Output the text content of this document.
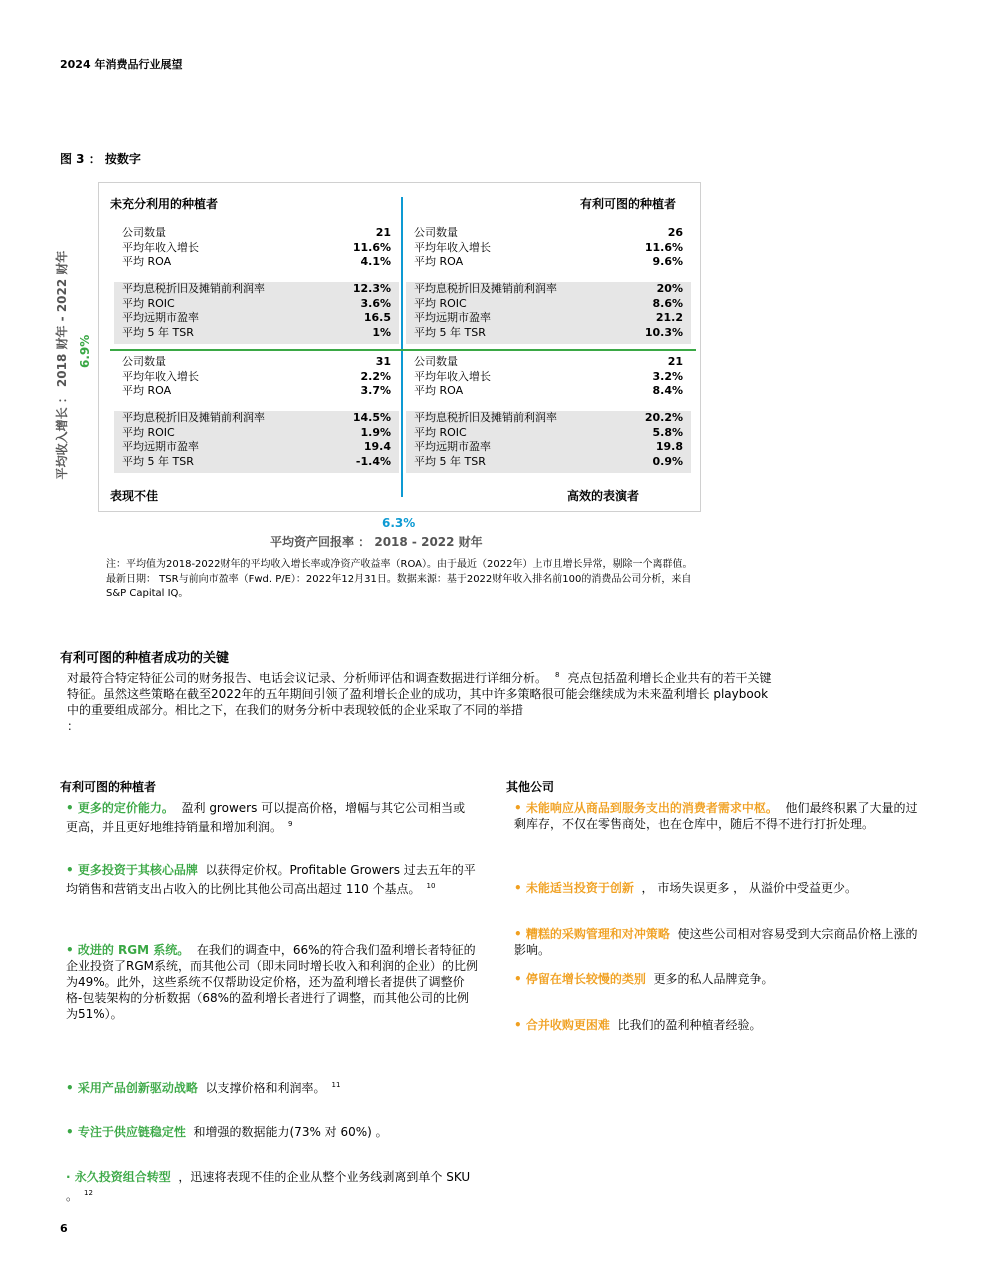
2024 年消费品行业展望
图 3 ： 按数字
未充分利用的种植者	有利可图的种植者
表现不佳	高效的表演者
公司数量	21
平均年收入增长	11.6%
平均 ROA	4.1%
平均息税折旧及摊销前利润率	12.3%
平均 ROIC	3.6%
平均远期市盈率	16.5
平均 5 年 TSR	1%
公司数量	26
平均年收入增长	11.6%
平均 ROA	9.6%
平均息税折旧及摊销前利润率	20%
平均 ROIC	8.6%
平均远期市盈率	21.2
平均 5 年 TSR	10.3%
公司数量	31
平均年收入增长	2.2%
平均 ROA	3.7%
平均息税折旧及摊销前利润率	14.5%
平均 ROIC	1.9%
平均远期市盈率	19.4
平均 5 年 TSR	-1.4%
公司数量	21
平均年收入增长	3.2%
平均 ROA	8.4%
平均息税折旧及摊销前利润率	20.2%
平均 ROIC	5.8%
平均远期市盈率	19.8
平均 5 年 TSR	0.9%
平均收入增长 ： 2018 财年 - 2022 财年 6.9%
6.3%
平均资产回报率 ： 2018 - 2022 财年
注：平均值为2018-2022财年的平均收入增长率或净资产收益率（ROA）。由于最近（2022年）上市且增长异常，剔除一个离群值。最新日期： TSR与前向市盈率（Fwd. P/E）：2022年12月31日。数据来源：基于2022财年收入排名前100的消费品公司分析，来自S&P Capital IQ。
有利可图的种植者成功的关键
对最符合特定特征公司的财务报告、电话会议记录、分析师评估和调查数据进行详细分析。 $^8$ 亮点包括盈利增长企业共有的若干关键特征。虽然这些策略在截至2022年的五年期间引领了盈利增长企业的成功，其中许多策略很可能会继续成为未来盈利增长 playbook 中的重要组成部分。相比之下，在我们的财务分析中表现较低的企业采取了不同的举措
：
有利可图的种植者	其他公司
• 更多的定价能力。 盈利 growers 可以提高价格，增幅与其它公司相当或更高，并且更好地维持销量和增加利润。 $^9$
• 更多投资于其核心品牌 以获得定价权。Profitable Growers 过去五年的平均销售和营销支出占收入的比例比其他公司高出超过 110 个基点。 $^{10}$
• 改进的 RGM 系统。 在我们的调查中，66%的符合我们盈利增长者特征的企业投资了RGM系统，而其他公司（即未同时增长收入和利润的企业）的比例为49%。此外，这些系统不仅帮助设定价格，还为盈利增长者提供了调整价格-包装架构的分析数据（68%的盈利增长者进行了调整，而其他公司的比例为51%）。
• 采用产品创新驱动战略 以支撑价格和利润率。 $^{11}$
• 专注于供应链稳定性 和增强的数据能力(73% 对 60%) 。
· 永久投资组合转型 ，迅速将表现不佳的企业从整个业务线剥离到单个 SKU 。 $^{12}$
• 未能响应从商品到服务支出的消费者需求中枢。 他们最终积累了大量的过剩库存，不仅在零售商处，也在仓库中，随后不得不进行打折处理。
• 未能适当投资于创新 ， 市场失误更多 ， 从溢价中受益更少。
• 糟糕的采购管理和对冲策略 使这些公司相对容易受到大宗商品价格上涨的影响。
• 停留在增长较慢的类别 更多的私人品牌竞争。
• 合并收购更困难 比我们的盈利种植者经验。
6
